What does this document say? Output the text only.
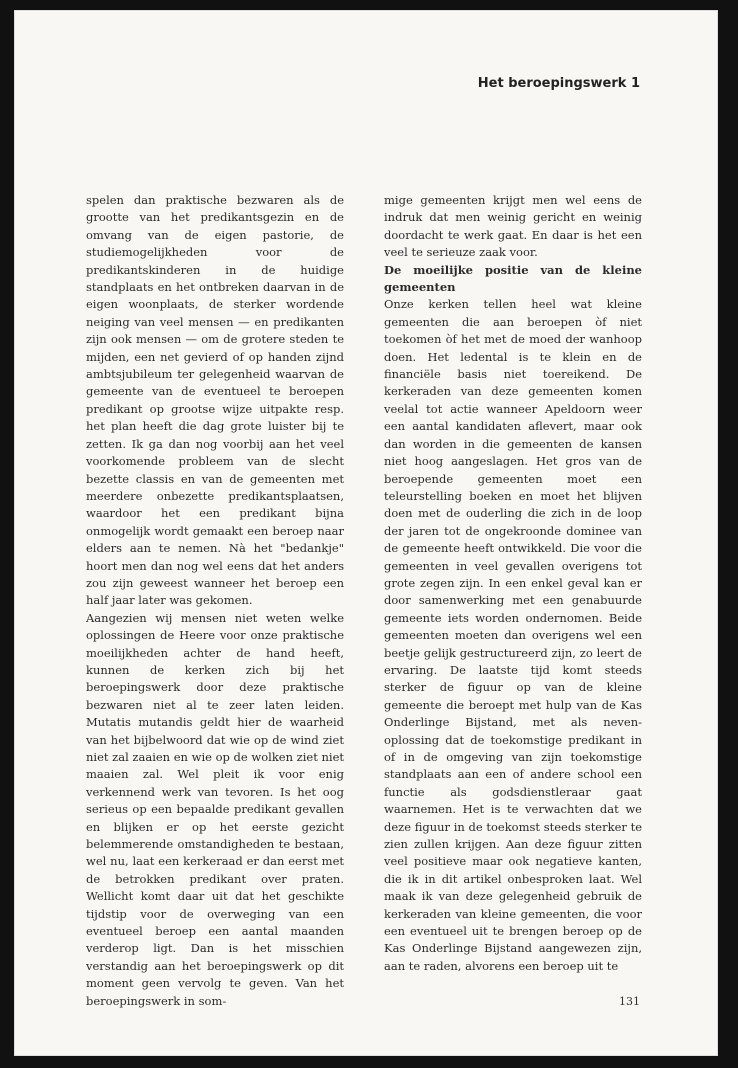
Het beroepingswerk 1

spelen dan praktische bezwaren als de grootte van het predikantsgezin en de omvang van de eigen pastorie, de studiemogelijkheden voor de predikantskinderen in de huidige standplaats en het ontbreken daarvan in de eigen woonplaats, de sterker wordende neiging van veel mensen — en predikanten zijn ook mensen — om de grotere steden te mijden, een net gevierd of op handen zijnd ambtsjubileum ter gelegenheid waarvan de gemeente van de eventueel te beroepen predikant op grootse wijze uitpakte resp. het plan heeft die dag grote luister bij te zetten. Ik ga dan nog voorbij aan het veel voorkomende probleem van de slecht bezette classis en van de gemeenten met meerdere onbezette predikantsplaatsen, waardoor het een predikant bijna onmogelijk wordt gemaakt een beroep naar elders aan te nemen. Nà het "bedankje" hoort men dan nog wel eens dat het anders zou zijn geweest wanneer het beroep een half jaar later was gekomen.

Aangezien wij mensen niet weten welke oplossingen de Heere voor onze praktische moeilijkheden achter de hand heeft, kunnen de kerken zich bij het beroepingswerk door deze praktische bezwaren niet al te zeer laten leiden. Mutatis mutandis geldt hier de waarheid van het bijbelwoord dat wie op de wind ziet niet zal zaaien en wie op de wolken ziet niet maaien zal. Wel pleit ik voor enig verkennend werk van tevoren. Is het oog serieus op een bepaalde predikant gevallen en blijken er op het eerste gezicht belemmerende omstandigheden te bestaan, wel nu, laat een kerkeraad er dan eerst met de betrokken predikant over praten. Wellicht komt daar uit dat het geschikte tijdstip voor de overweging van een eventueel beroep een aantal maanden verderop ligt. Dan is het misschien verstandig aan het beroepingswerk op dit moment geen vervolg te geven. Van het beroepingswerk in som-

mige gemeenten krijgt men wel eens de indruk dat men weinig gericht en weinig doordacht te werk gaat. En daar is het een veel te serieuze zaak voor.

De moeilijke positie van de kleine gemeenten

Onze kerken tellen heel wat kleine gemeenten die aan beroepen òf niet toekomen òf het met de moed der wanhoop doen. Het ledental is te klein en de financiële basis niet toereikend. De kerkeraden van deze gemeenten komen veelal tot actie wanneer Apeldoorn weer een aantal kandidaten aflevert, maar ook dan worden in die gemeenten de kansen niet hoog aangeslagen. Het gros van de beroepende gemeenten moet een teleurstelling boeken en moet het blijven doen met de ouderling die zich in de loop der jaren tot de ongekroonde dominee van de gemeente heeft ontwikkeld. Die voor die gemeenten in veel gevallen overigens tot grote zegen zijn. In een enkel geval kan er door samenwerking met een genabuurde gemeente iets worden ondernomen. Beide gemeenten moeten dan overigens wel een beetje gelijk gestructureerd zijn, zo leert de ervaring. De laatste tijd komt steeds sterker de figuur op van de kleine gemeente die beroept met hulp van de Kas Onderlinge Bijstand, met als neven-oplossing dat de toekomstige predikant in of in de omgeving van zijn toekomstige standplaats aan een of andere school een functie als godsdienstleraar gaat waarnemen. Het is te verwachten dat we deze figuur in de toekomst steeds sterker te zien zullen krijgen. Aan deze figuur zitten veel positieve maar ook negatieve kanten, die ik in dit artikel onbesproken laat. Wel maak ik van deze gelegenheid gebruik de kerkeraden van kleine gemeenten, die voor een eventueel uit te brengen beroep op de Kas Onderlinge Bijstand aangewezen zijn, aan te raden, alvorens een beroep uit te

131
